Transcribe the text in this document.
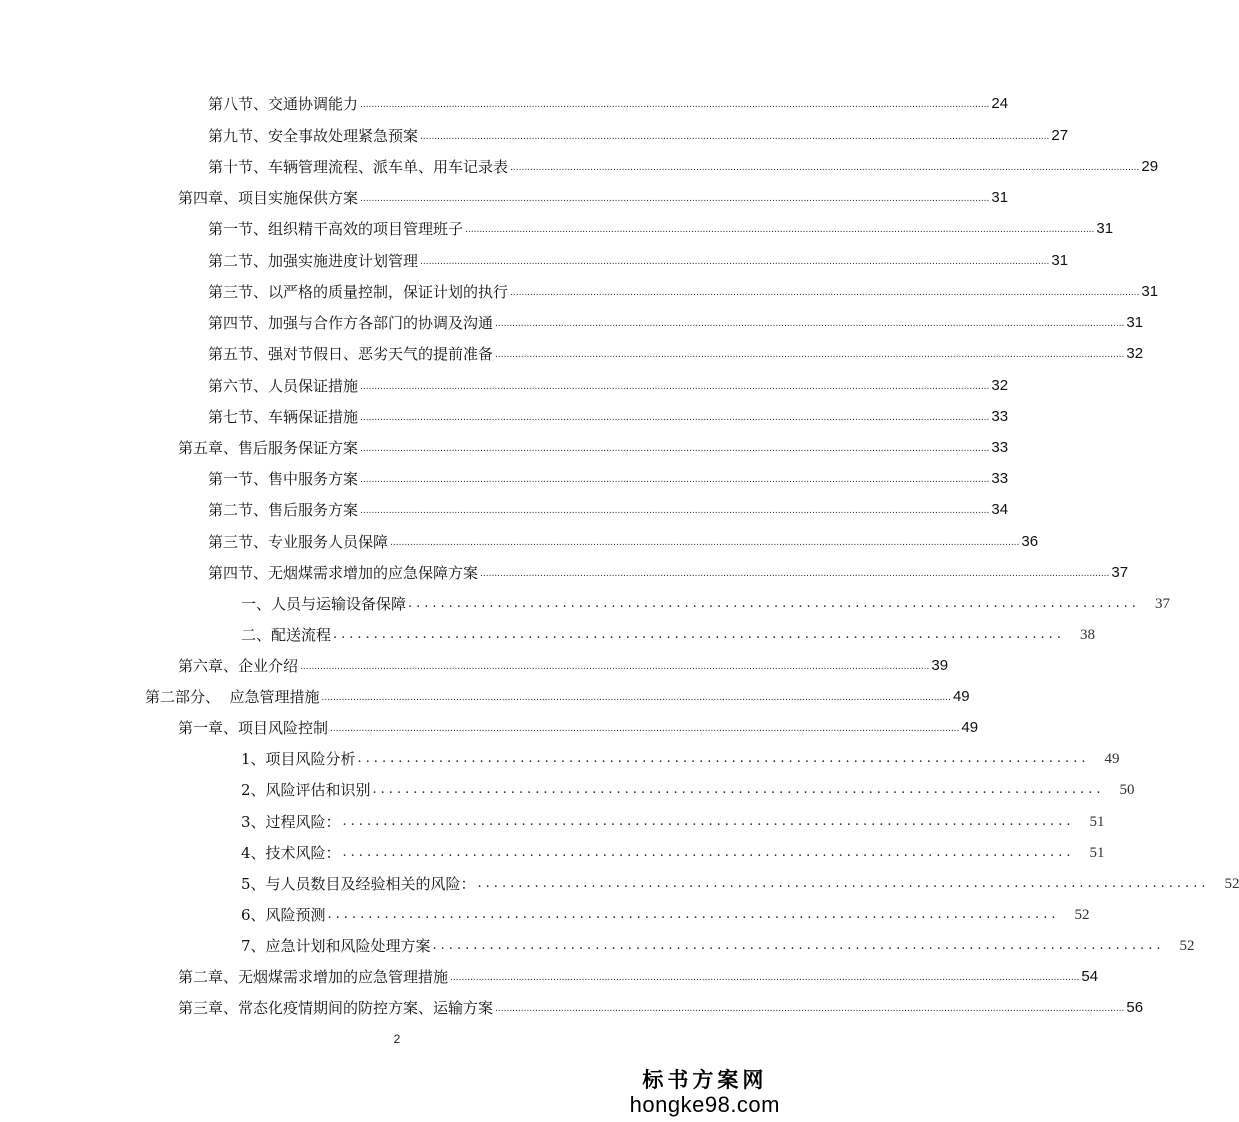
第八节、交通协调能力 ............................................................................................................................................................................................................................ 24
第九节、安全事故处理紧急预案 ............................................................................................................................................................................................................................ 27
第十节、车辆管理流程、派车单、用车记录表 ............................................................................................................................................................................................................................ 29
第四章、项目实施保供方案 ............................................................................................................................................................................................................................ 31
第一节、组织精干高效的项目管理班子 ............................................................................................................................................................................................................................ 31
第二节、加强实施进度计划管理 ............................................................................................................................................................................................................................ 31
第三节、以严格的质量控制，保证计划的执行 ............................................................................................................................................................................................................................ 31
第四节、加强与合作方各部门的协调及沟通 ............................................................................................................................................................................................................................ 31
第五节、强对节假日、恶劣天气的提前准备 ............................................................................................................................................................................................................................ 32
第六节、人员保证措施 ............................................................................................................................................................................................................................ 32
第七节、车辆保证措施 ............................................................................................................................................................................................................................ 33
第五章、售后服务保证方案 ............................................................................................................................................................................................................................ 33
第一节、售中服务方案 ............................................................................................................................................................................................................................ 33
第二节、售后服务方案 ............................................................................................................................................................................................................................ 34
第三节、专业服务人员保障 ............................................................................................................................................................................................................................ 36
第四节、无烟煤需求增加的应急保障方案 ............................................................................................................................................................................................................................ 37
一、人员与运输设备保障 ..........................................................................................	37
二、配送流程 ..........................................................................................	38
第六章、企业介绍 ............................................................................................................................................................................................................................ 39
第二部分、  应急管理措施 ............................................................................................................................................................................................................................ 49
第一章、项目风险控制 ............................................................................................................................................................................................................................ 49
1、项目风险分析 ..........................................................................................	49
2、风险评估和识别 ..........................................................................................	50
3、过程风险： ..........................................................................................	51
4、技术风险： ..........................................................................................	51
5、与人员数目及经验相关的风险： ..........................................................................................	52
6、风险预测 ..........................................................................................	52
7、应急计划和风险处理方案 ..........................................................................................	52
第二章、无烟煤需求增加的应急管理措施 ............................................................................................................................................................................................................................ 54
第三章、常态化疫情期间的防控方案、运输方案 ............................................................................................................................................................................................................................ 56
2
标书方案网
hongke98.com
